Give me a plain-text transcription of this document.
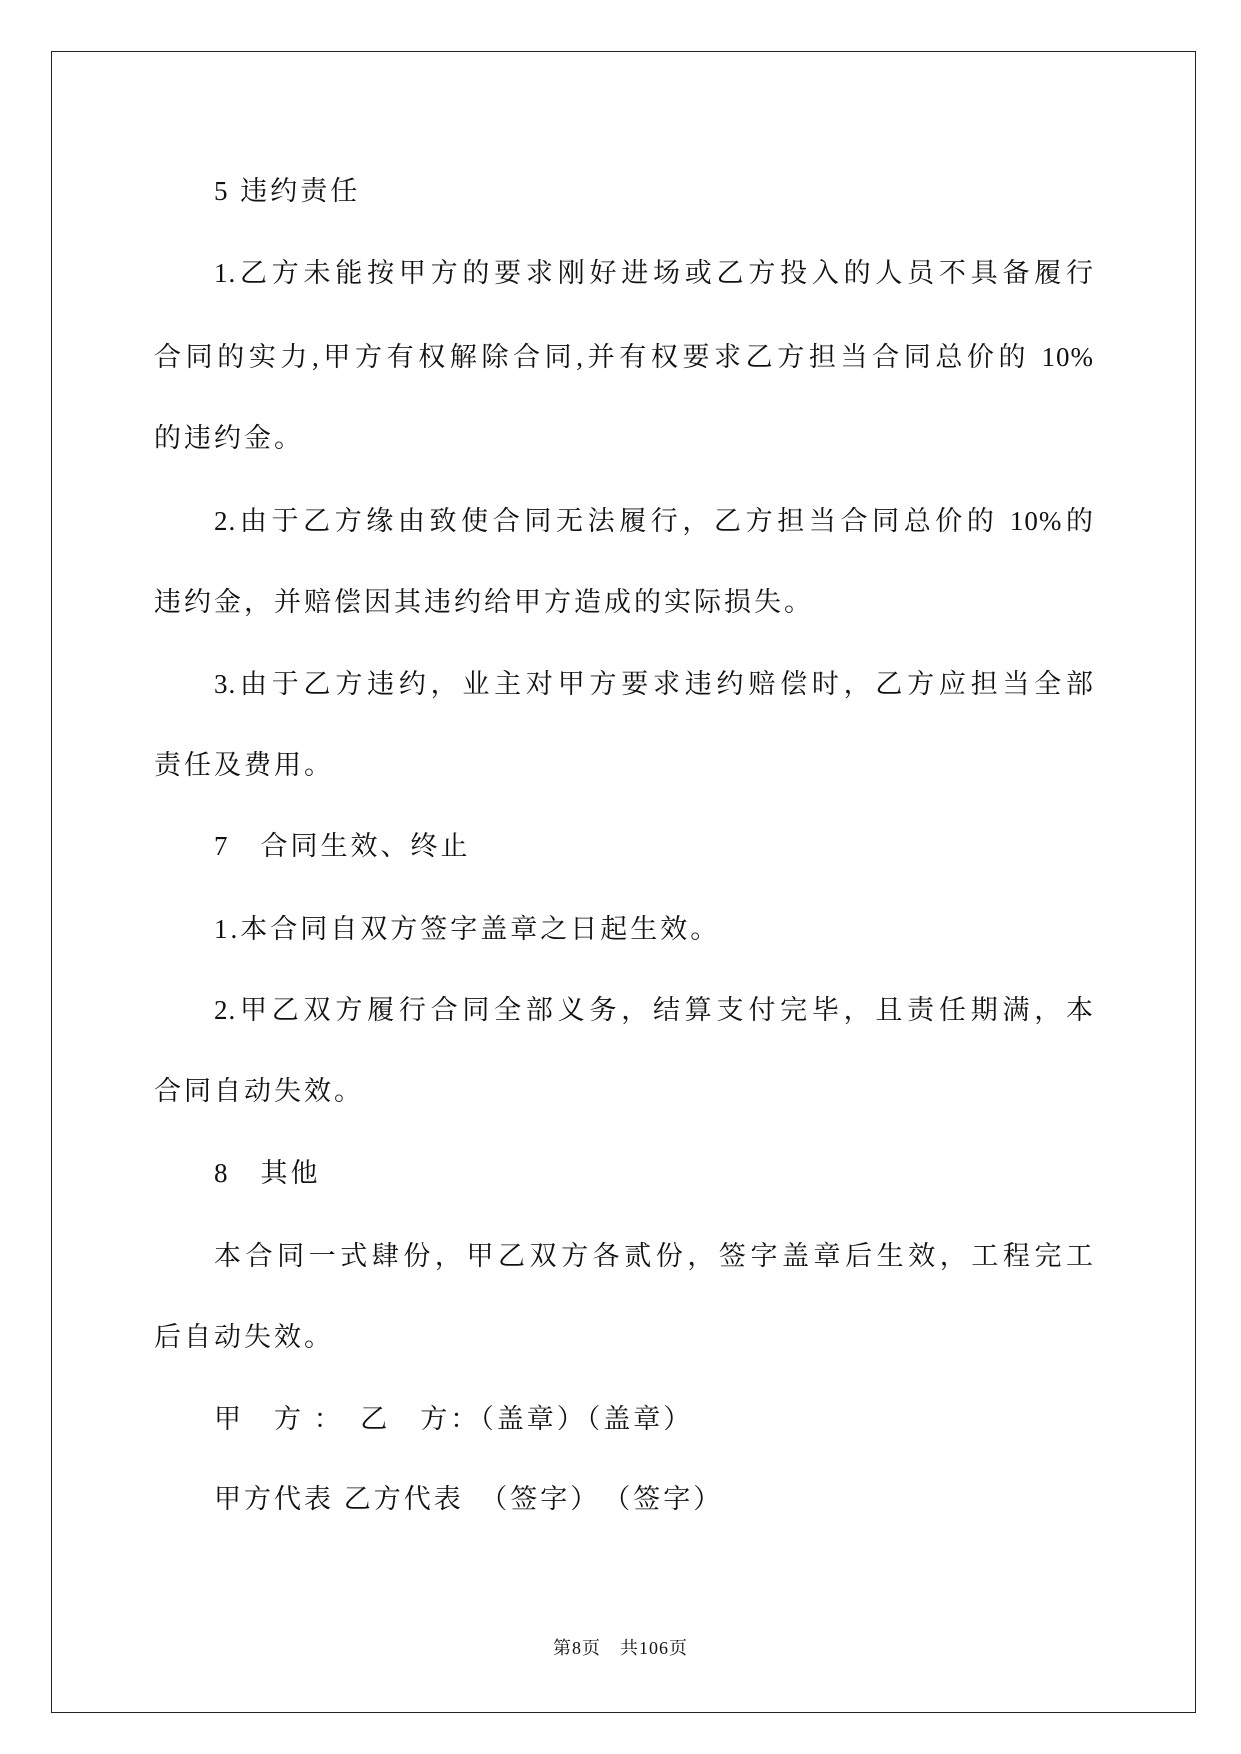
5 违约责任
1.乙方未能按甲方的要求刚好进场或乙方投入的人员不具备履行
合同的实力,甲方有权解除合同,并有权要求乙方担当合同总价的 10%
的违约金。
2.由于乙方缘由致使合同无法履行，乙方担当合同总价的 10%的
违约金，并赔偿因其违约给甲方造成的实际损失。
3.由于乙方违约，业主对甲方要求违约赔偿时，乙方应担当全部
责任及费用。
7　合同生效、终止
1.本合同自双方签字盖章之日起生效。
2.甲乙双方履行合同全部义务，结算支付完毕，且责任期满，本
合同自动失效。
8　其他
本合同一式肆份，甲乙双方各贰份，签字盖章后生效，工程完工
后自动失效。
甲　方 ：　乙　方：（盖章）（盖章）
甲方代表 乙方代表　（签字）　（签字）
第8页　共106页
